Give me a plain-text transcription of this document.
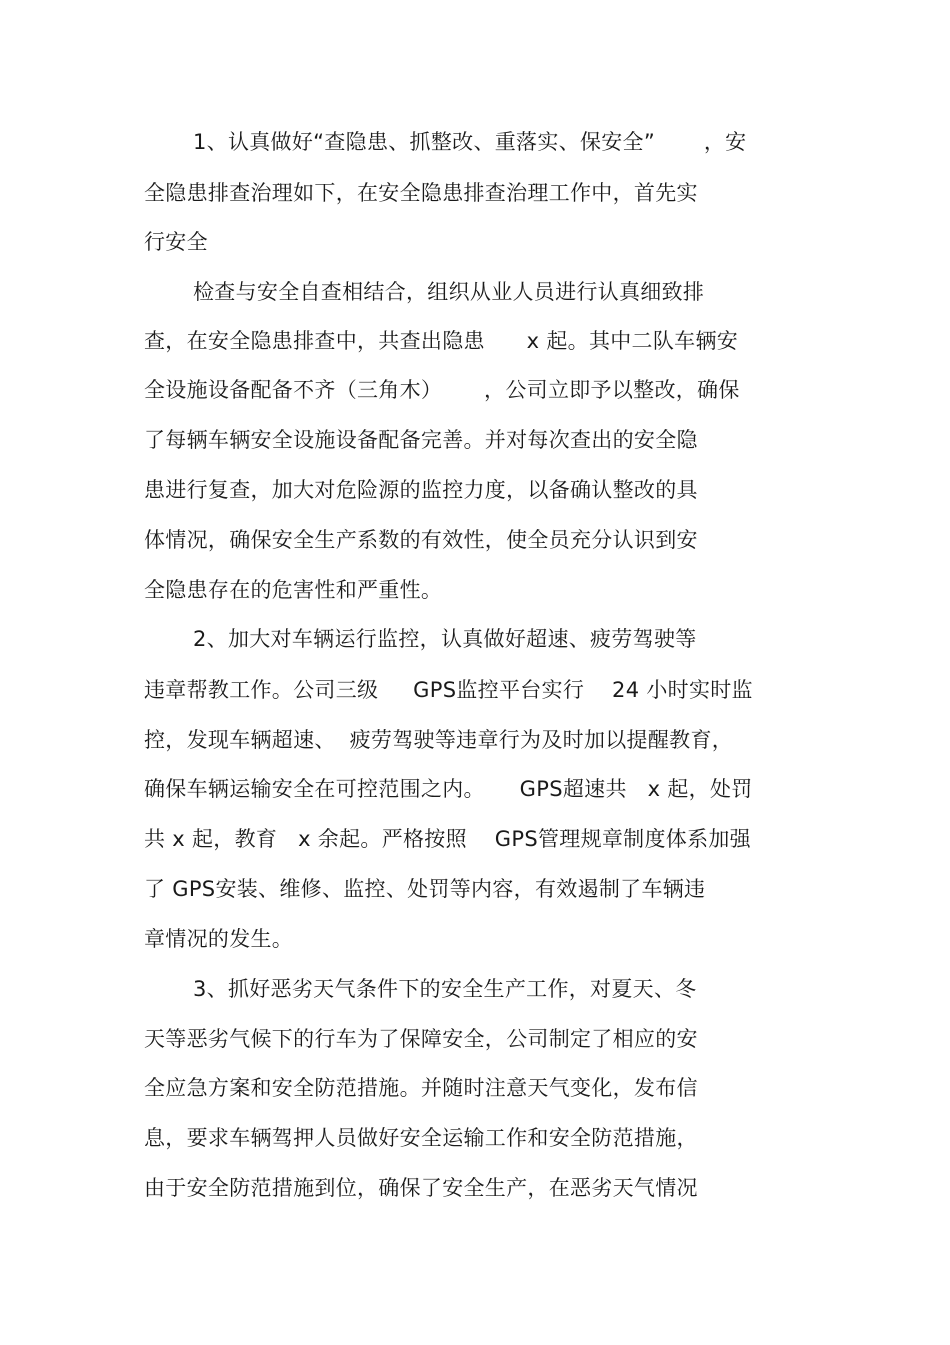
1、认真做好“查隐患、抓整改、重落实、保安全”       ，安
全隐患排查治理如下，在安全隐患排查治理工作中，首先实
行安全
检查与安全自查相结合，组织从业人员进行认真细致排
查，在安全隐患排查中，共查出隐患      x 起。其中二队车辆安
全设施设备配备不齐（三角木）      ，公司立即予以整改，确保
了每辆车辆安全设施设备配备完善。并对每次查出的安全隐
患进行复查，加大对危险源的监控力度，以备确认整改的具
体情况，确保安全生产系数的有效性，使全员充分认识到安
全隐患存在的危害性和严重性。
2、加大对车辆运行监控，认真做好超速、疲劳驾驶等
违章帮教工作。公司三级     GPS监控平台实行    24 小时实时监
控，发现车辆超速、  疲劳驾驶等违章行为及时加以提醒教育，
确保车辆运输安全在可控范围之内。     GPS超速共   x 起，处罚
共 x 起，教育   x 余起。严格按照    GPS管理规章制度体系加强
了 GPS安装、维修、监控、处罚等内容，有效遏制了车辆违
章情况的发生。
3、抓好恶劣天气条件下的安全生产工作，对夏天、冬
天等恶劣气候下的行车为了保障安全，公司制定了相应的安
全应急方案和安全防范措施。并随时注意天气变化，发布信
息，要求车辆驾押人员做好安全运输工作和安全防范措施，
由于安全防范措施到位，确保了安全生产，在恶劣天气情况
